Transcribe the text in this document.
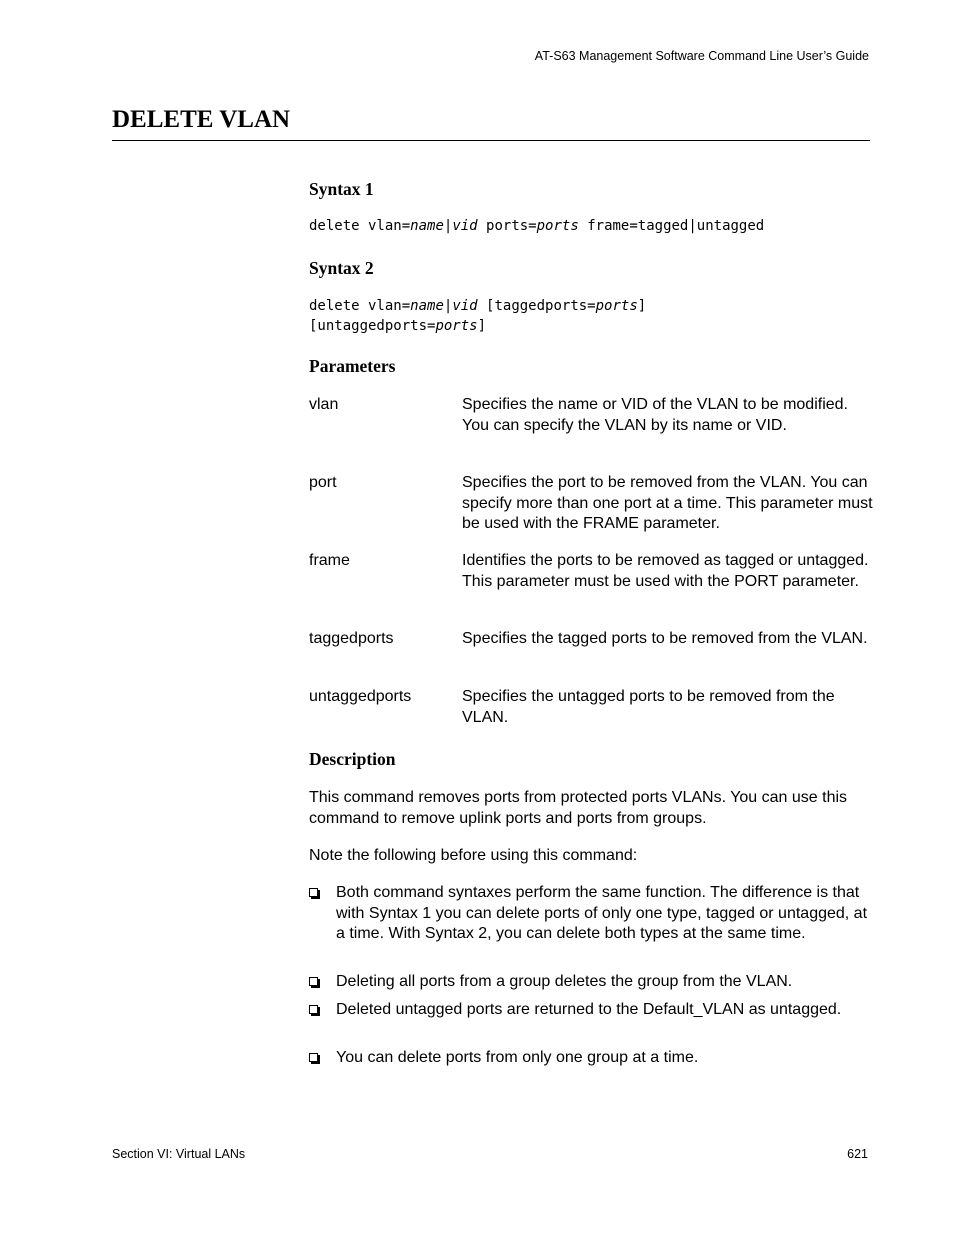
AT-S63 Management Software Command Line User’s Guide
DELETE VLAN
Syntax 1
delete vlan=name|vid ports=ports frame=tagged|untagged
Syntax 2
delete vlan=name|vid [taggedports=ports]
[untaggedports=ports]
Parameters
vlan	Specifies the name or VID of the VLAN to be modified. You can specify the VLAN by its name or VID.
port	Specifies the port to be removed from the VLAN. You can specify more than one port at a time. This parameter must be used with the FRAME parameter.
frame	Identifies the ports to be removed as tagged or untagged. This parameter must be used with the PORT parameter.
taggedports	Specifies the tagged ports to be removed from the VLAN.
untaggedports	Specifies the untagged ports to be removed from the VLAN.
Description
This command removes ports from protected ports VLANs. You can use this command to remove uplink ports and ports from groups.
Note the following before using this command:
Both command syntaxes perform the same function. The difference is that with Syntax 1 you can delete ports of only one type, tagged or untagged, at a time. With Syntax 2, you can delete both types at the same time.
Deleting all ports from a group deletes the group from the VLAN.
Deleted untagged ports are returned to the Default_VLAN as untagged.
You can delete ports from only one group at a time.
Section VI: Virtual LANs	621
